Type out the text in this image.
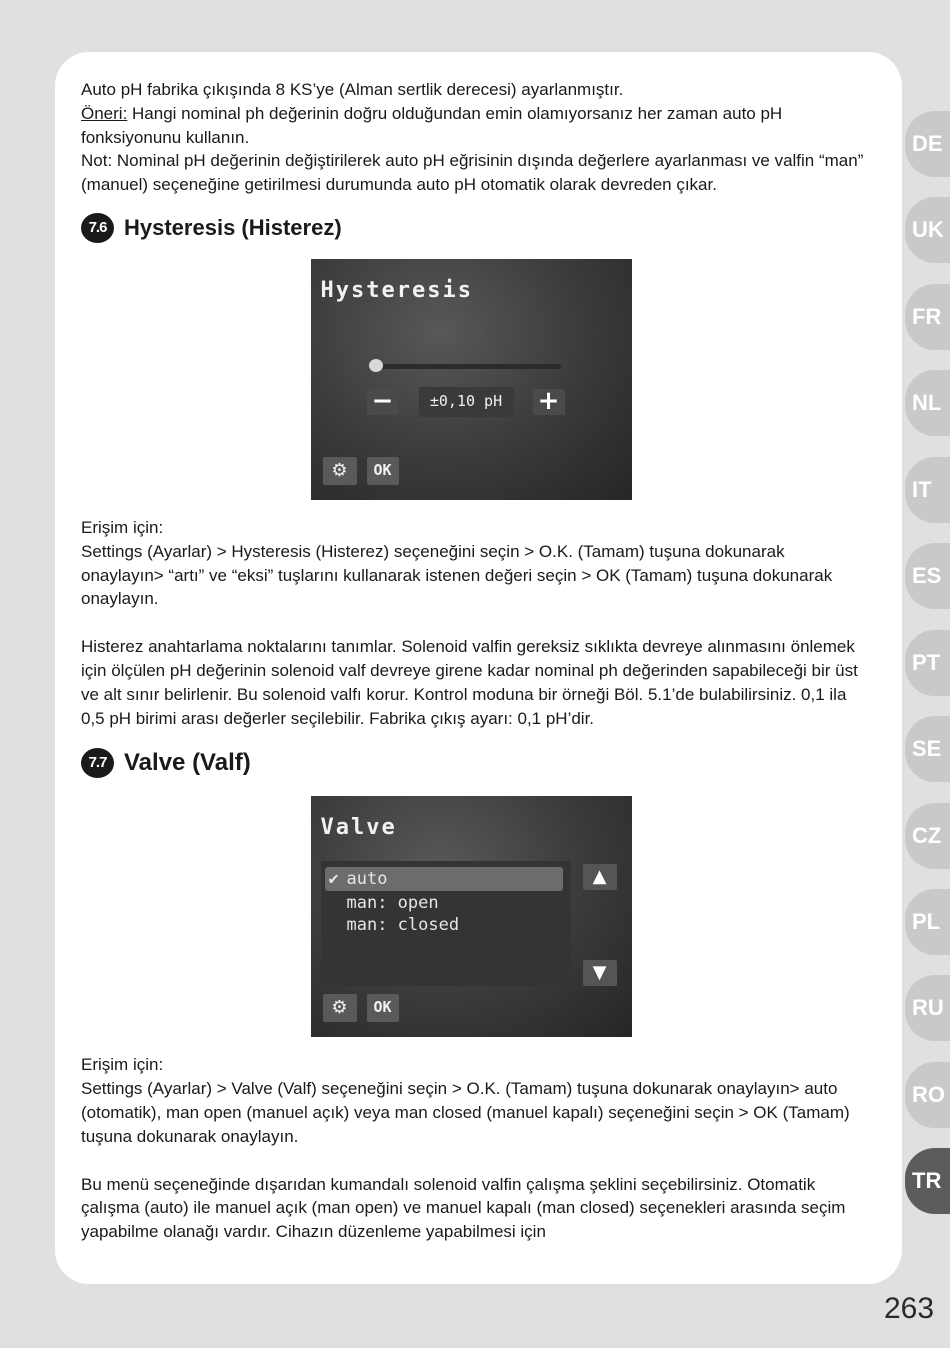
Auto pH fabrika çıkışında 8 KS’ye (Alman sertlik derecesi) ayarlanmıştır.

Öneri: Hangi nominal ph değerinin doğru olduğundan emin olamıyorsanız her zaman auto pH fonksiyonunu kullanın.

Not: Nominal pH değerinin değiştirilerek auto pH eğrisinin dışında değerlere ayarlanması ve valfin “man” (manuel) seçeneğine getirilmesi durumunda auto pH otomatik olarak devreden çıkar.

7.6 Hysteresis (Histerez)
Hysteresis
−	±0,10 pH	+
⚙	OK

Erişim için:

Settings (Ayarlar) > Hysteresis (Histerez) seçeneğini seçin > O.K. (Tamam) tuşuna dokunarak onaylayın> “artı” ve “eksi” tuşlarını kullanarak istenen değeri seçin > OK (Tamam) tuşuna dokunarak onaylayın.

Histerez anahtarlama noktalarını tanımlar. Solenoid valfin gereksiz sıklıkta devreye alınmasını önlemek için ölçülen pH değerinin solenoid valf devreye girene kadar nominal ph değerinden sapabileceği bir üst ve alt sınır belirlenir. Bu solenoid valfı korur. Kontrol moduna bir örneği Böl. 5.1’de bulabilirsiniz. 0,1 ila 0,5 pH birimi arası değerler seçilebilir. Fabrika çıkış ayarı: 0,1 pH’dir.

7.7 Valve (Valf)
Valve
✔ auto
man: open
man: closed
▲
▼
⚙	OK

Erişim için:

Settings (Ayarlar) > Valve (Valf) seçeneğini seçin > O.K. (Tamam) tuşuna dokunarak onaylayın> auto (otomatik), man open (manuel açık) veya man closed (manuel kapalı) seçeneğini seçin > OK (Tamam) tuşuna dokunarak onaylayın.

Bu menü seçeneğinde dışarıdan kumandalı solenoid valfin çalışma şeklini seçebilirsiniz. Otomatik çalışma (auto) ile manuel açık (man open) ve manuel kapalı (man closed) seçenekleri arasında seçim yapabilme olanağı vardır. Cihazın düzenleme yapabilmesi için

DE
UK
FR
NL
IT
ES
PT
SE
CZ
PL
RU
RO
TR
263
